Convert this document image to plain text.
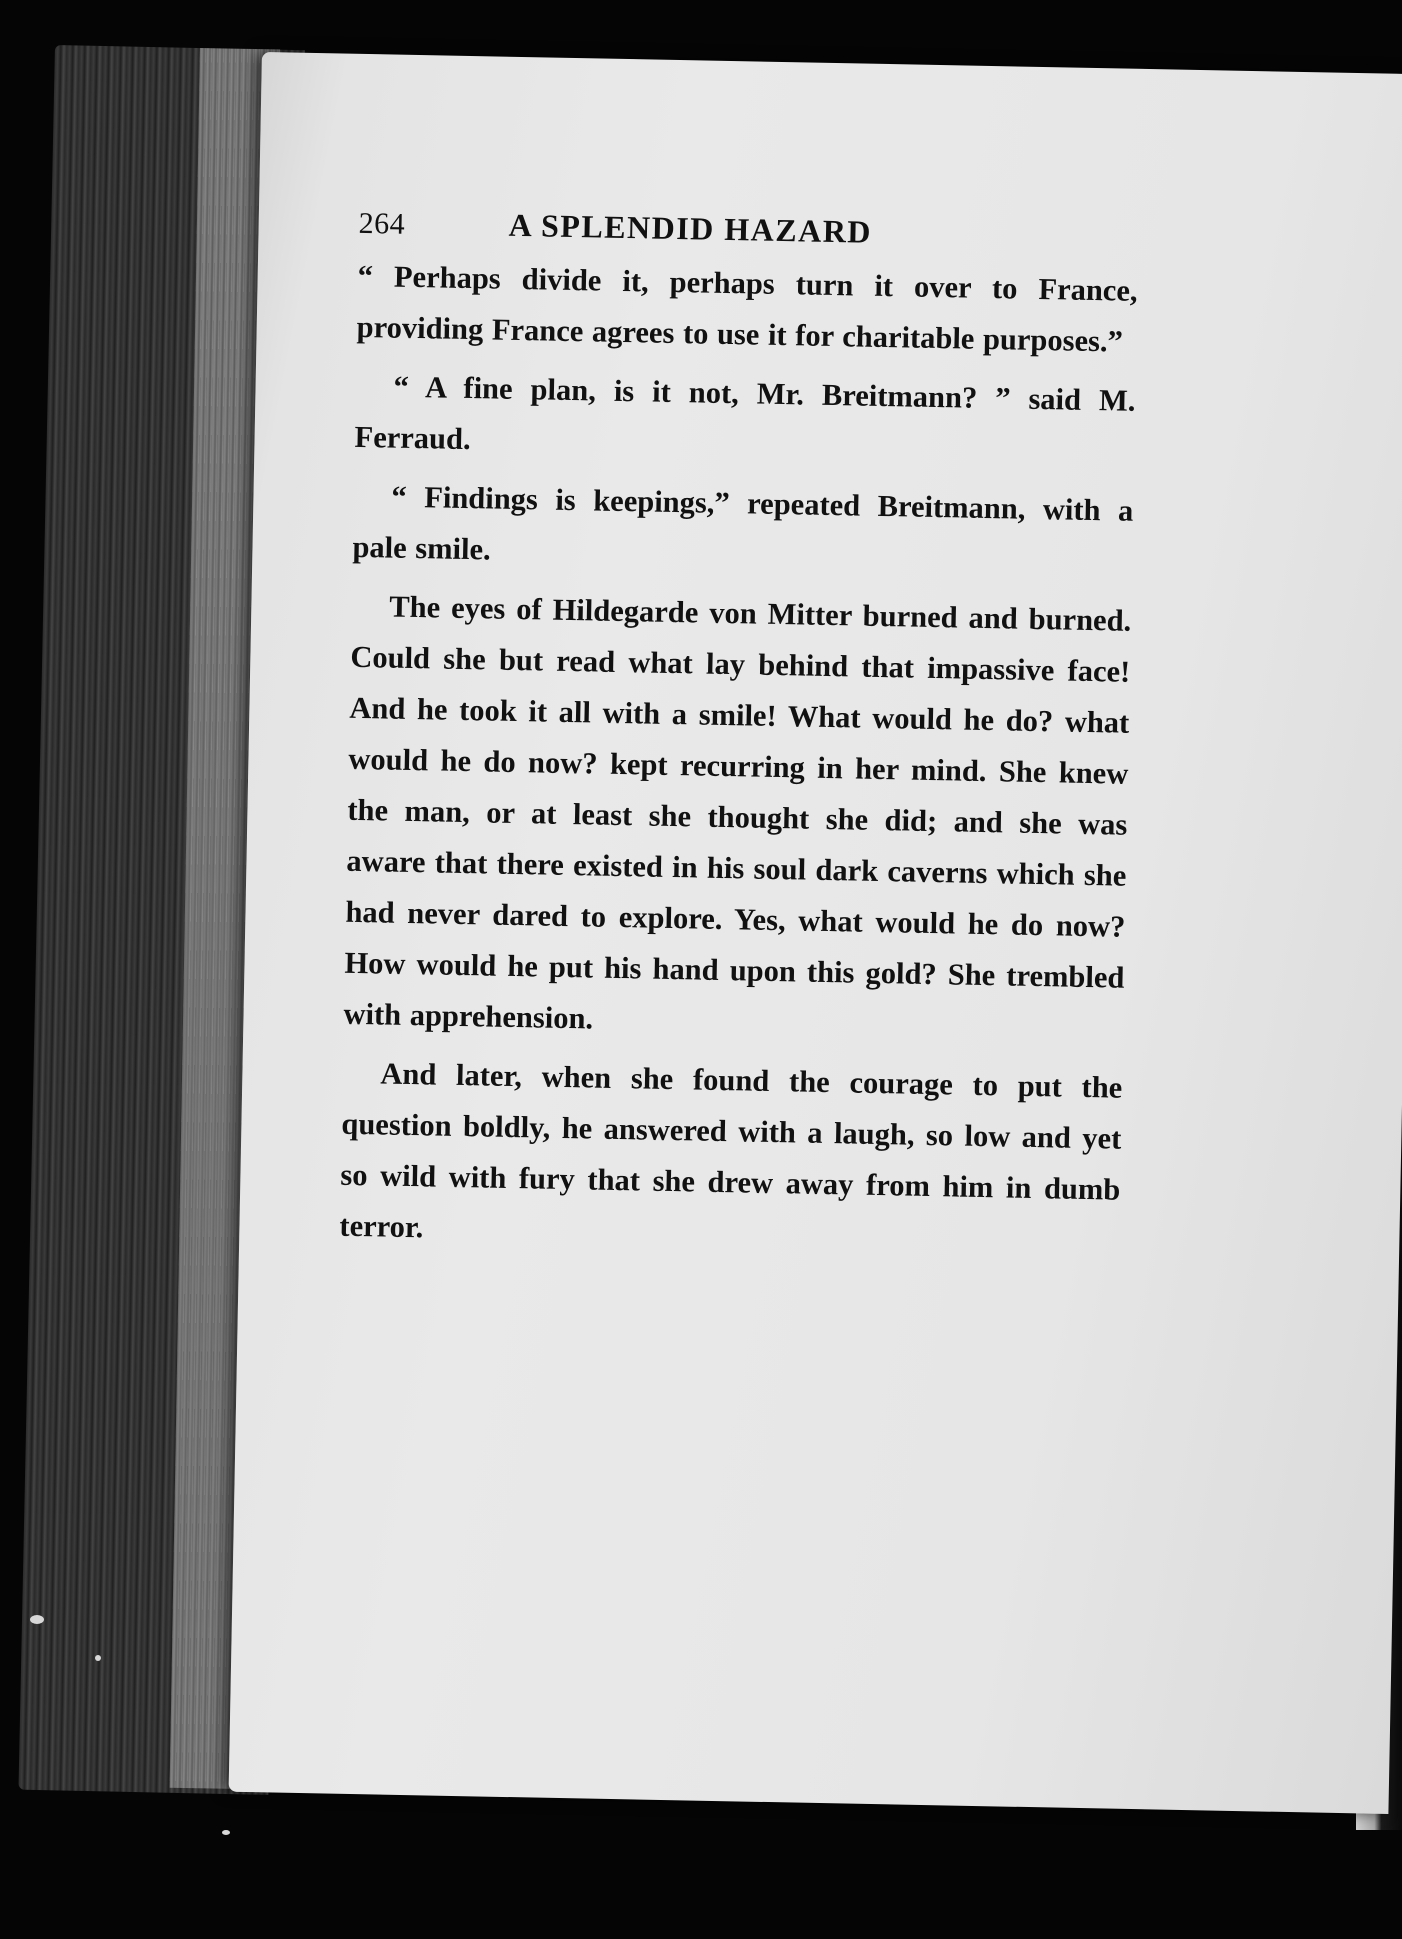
264	A SPLENDID HAZARD

“ Perhaps divide it, perhaps turn it over to France, providing France agrees to use it for charitable purposes.”

“ A fine plan, is it not, Mr. Breitmann? ” said M. Ferraud.

“ Findings is keepings,” repeated Breitmann, with a pale smile.

The eyes of Hildegarde von Mitter burned and burned. Could she but read what lay behind that impassive face! And he took it all with a smile! What would he do? what would he do now? kept recurring in her mind. She knew the man, or at least she thought she did; and she was aware that there existed in his soul dark caverns which she had never dared to explore. Yes, what would he do now? How would he put his hand upon this gold? She trembled with apprehension.

And later, when she found the courage to put the question boldly, he answered with a laugh, so low and yet so wild with fury that she drew away from him in dumb terror.
